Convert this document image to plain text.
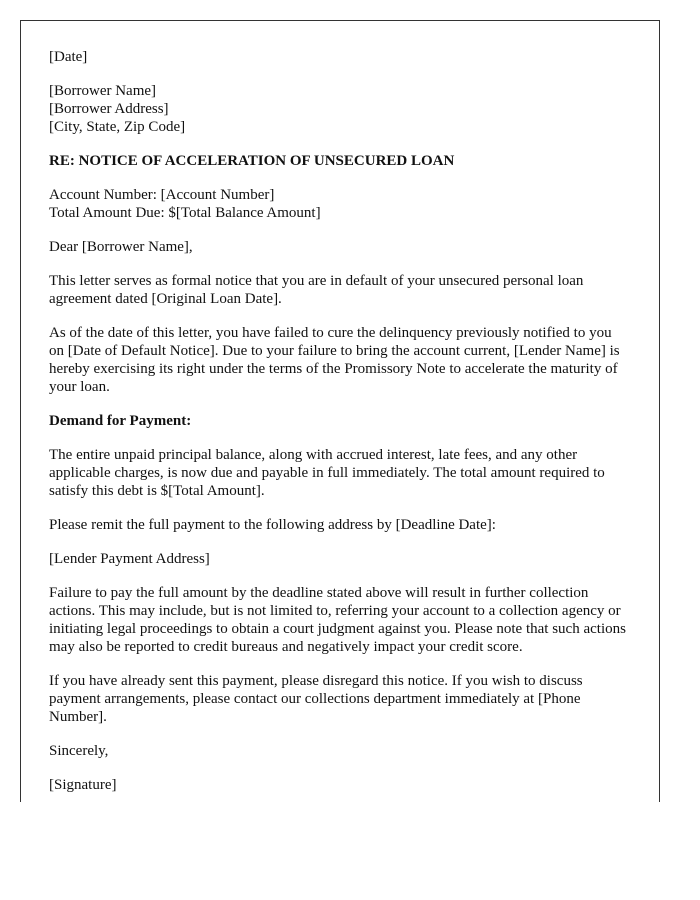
[Date]

[Borrower Name]
[Borrower Address]
[City, State, Zip Code]

RE: NOTICE OF ACCELERATION OF UNSECURED LOAN

Account Number: [Account Number]
Total Amount Due: $[Total Balance Amount]

Dear [Borrower Name],

This letter serves as formal notice that you are in default of your unsecured personal loan agreement dated [Original Loan Date].

As of the date of this letter, you have failed to cure the delinquency previously notified to you on [Date of Default Notice]. Due to your failure to bring the account current, [Lender Name] is hereby exercising its right under the terms of the Promissory Note to accelerate the maturity of your loan.

Demand for Payment:

The entire unpaid principal balance, along with accrued interest, late fees, and any other applicable charges, is now due and payable in full immediately. The total amount required to satisfy this debt is $[Total Amount].

Please remit the full payment to the following address by [Deadline Date]:

[Lender Payment Address]

Failure to pay the full amount by the deadline stated above will result in further collection actions. This may include, but is not limited to, referring your account to a collection agency or initiating legal proceedings to obtain a court judgment against you. Please note that such actions may also be reported to credit bureaus and negatively impact your credit score.

If you have already sent this payment, please disregard this notice. If you wish to discuss payment arrangements, please contact our collections department immediately at [Phone Number].

Sincerely,

[Signature]
